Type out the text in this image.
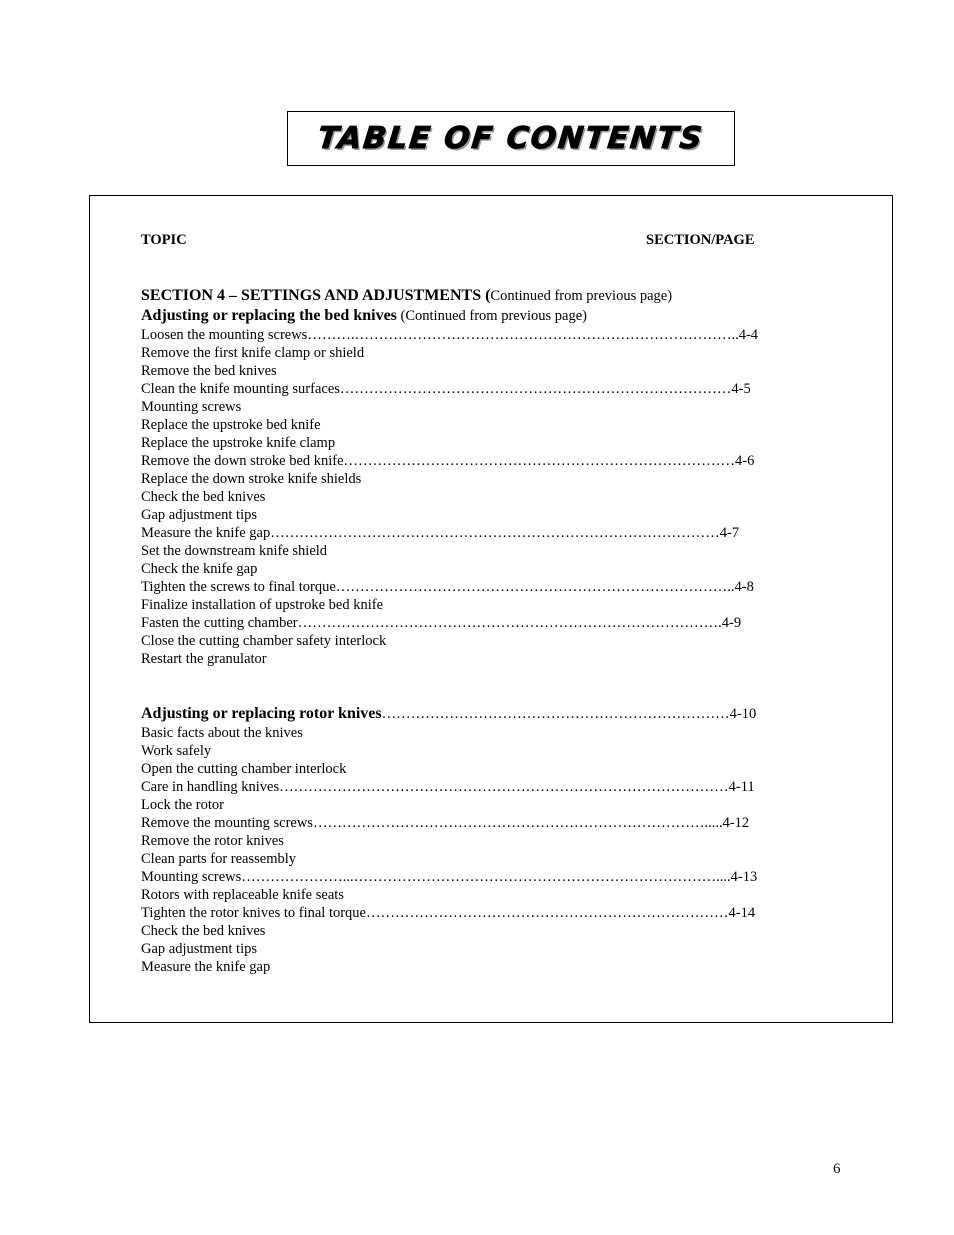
TABLE OF CONTENTS
TOPIC	SECTION/PAGE
SECTION 4 – SETTINGS AND ADJUSTMENTS (Continued from previous page)
Adjusting or replacing the bed knives (Continued from previous page)
Loosen the mounting screws……….……………………………………………………………………..4-4
Remove the first knife clamp or shield
Remove the bed knives
Clean the knife mounting surfaces………………………………………………………………………4-5
Mounting screws
Replace the upstroke bed knife
Replace the upstroke knife clamp
Remove the down stroke bed knife………………………………………………………………………4-6
Replace the down stroke knife shields
Check the bed knives
Gap adjustment tips
Measure the knife gap…………………………………………………………………………………4-7
Set the downstream knife shield
Check the knife gap
Tighten the screws to final torque………………………………………………………………………..4-8
Finalize installation of upstroke bed knife
Fasten the cutting chamber…………………………………………………………………………….4-9
Close the cutting chamber safety interlock
Restart the granulator
Adjusting or replacing rotor knives………………………………………………………………4-10
Basic facts about the knives
Work safely
Open the cutting chamber interlock
Care in handling knives…………………………………………………………………………………4-11
Lock the rotor
Remove the mounting screws……………………………………………………………………….....4-12
Remove the rotor knives
Clean parts for reassembly
Mounting screws…………………...…………………………………………………………………....4-13
Rotors with replaceable knife seats
Tighten the rotor knives to final torque…………………………………………………………………4-14
Check the bed knives
Gap adjustment tips
Measure the knife gap
6
